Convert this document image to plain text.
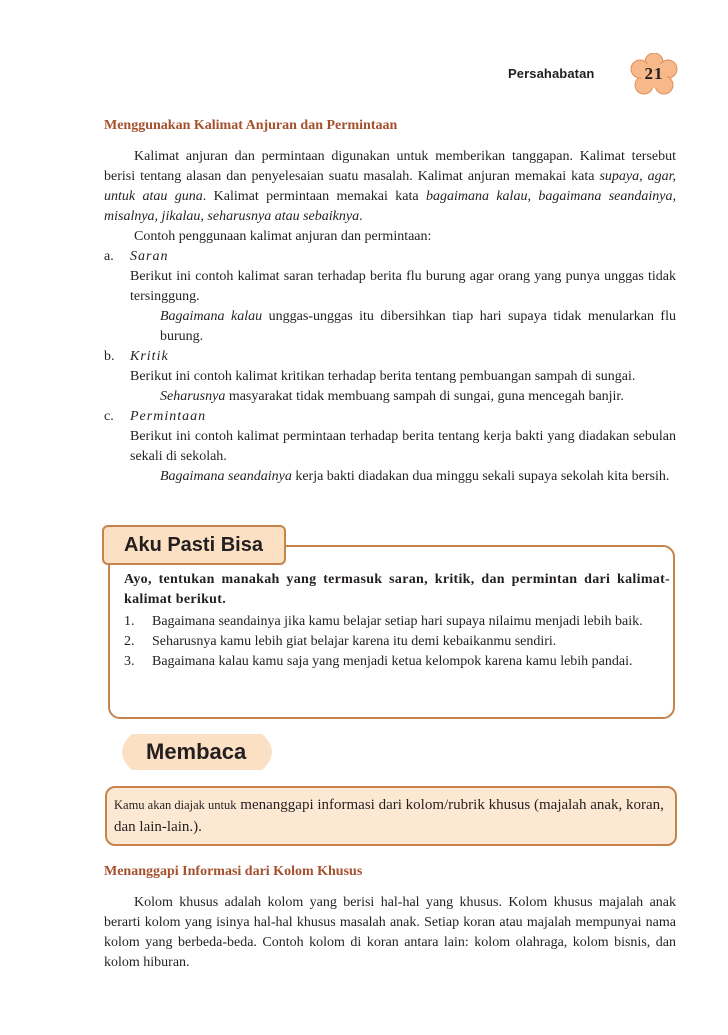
Persahabatan	21
Menggunakan Kalimat Anjuran dan Permintaan

Kalimat anjuran dan permintaan digunakan untuk memberikan tanggapan. Kalimat tersebut berisi tentang alasan dan penyelesaian suatu masalah. Kalimat anjuran memakai kata supaya, agar, untuk atau guna. Kalimat permintaan memakai kata bagaimana kalau, bagaimana seandainya, misalnya, jikalau, seharusnya atau sebaiknya.

Contoh penggunaan kalimat anjuran dan permintaan:

a. Saran
Berikut ini contoh kalimat saran terhadap berita flu burung agar orang yang punya unggas tidak tersinggung.
Bagaimana kalau unggas-unggas itu dibersihkan tiap hari supaya tidak menularkan flu burung.
b. Kritik
Berikut ini contoh kalimat kritikan terhadap berita tentang pembuangan sampah di sungai.
Seharusnya masyarakat tidak membuang sampah di sungai, guna mencegah banjir.
c. Permintaan
Berikut ini contoh kalimat permintaan terhadap berita tentang kerja bakti yang diadakan sebulan sekali di sekolah.
Bagaimana seandainya kerja bakti diadakan dua minggu sekali supaya sekolah kita bersih.
Aku Pasti Bisa

Ayo, tentukan manakah yang termasuk saran, kritik, dan permintan dari kalimat-kalimat berikut.

1. Bagaimana seandainya jika kamu belajar setiap hari supaya nilaimu menjadi lebih baik.
2. Seharusnya kamu lebih giat belajar karena itu demi kebaikanmu sendiri.
3. Bagaimana kalau kamu saja yang menjadi ketua kelompok karena kamu lebih pandai.
Membaca

Kamu akan diajak untuk menanggapi informasi dari kolom/rubrik khusus (majalah anak, koran, dan lain-lain.).

Menanggapi Informasi dari Kolom Khusus

Kolom khusus adalah kolom yang berisi hal-hal yang khusus. Kolom khusus majalah anak berarti kolom yang isinya hal-hal khusus masalah anak. Setiap koran atau majalah mempunyai nama kolom yang berbeda-beda. Contoh kolom di koran antara lain: kolom olahraga, kolom bisnis, dan kolom hiburan.
